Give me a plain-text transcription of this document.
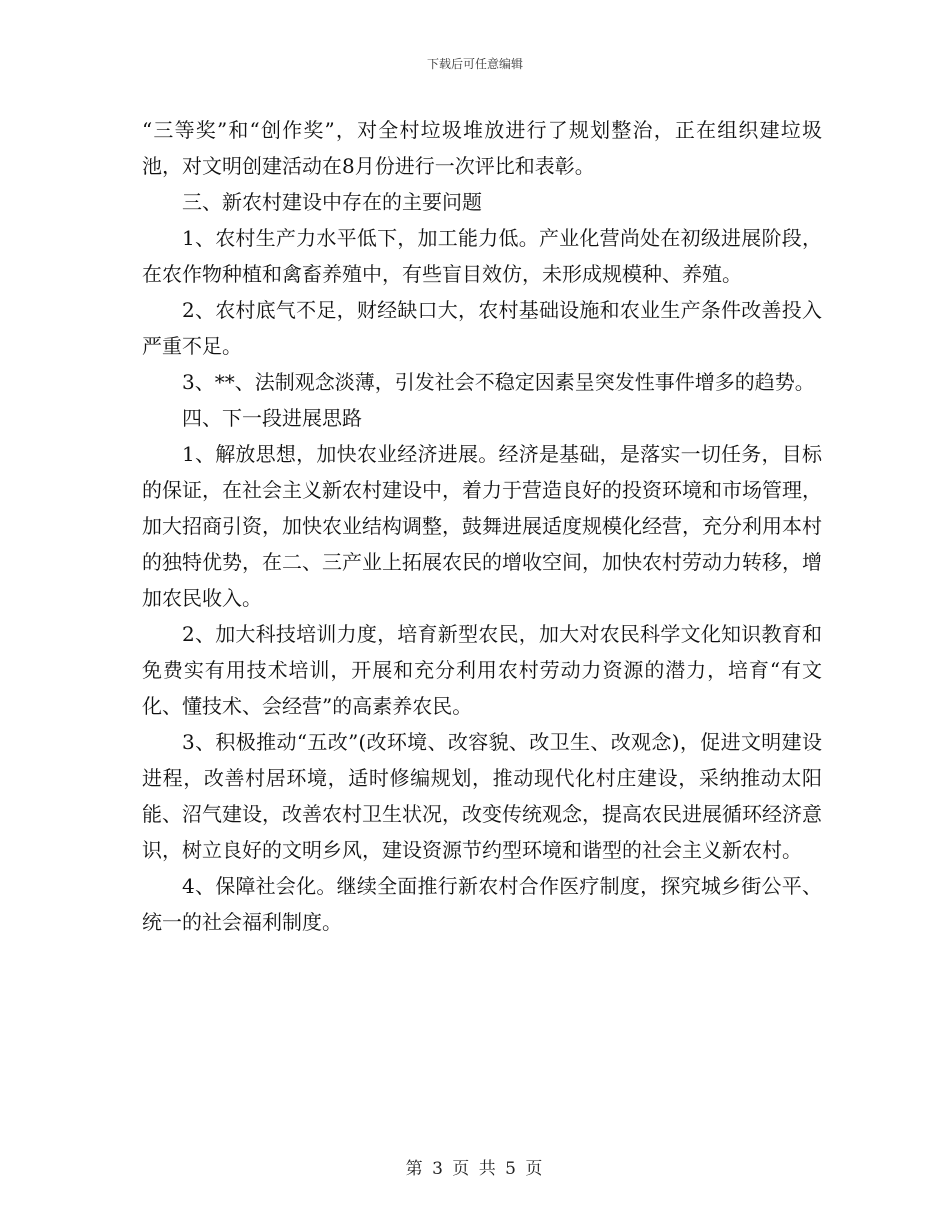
下载后可任意编辑

“三等奖”和“创作奖”，对全村垃圾堆放进行了规划整治，正在组织建垃圾池，对文明创建活动在8月份进行一次评比和表彰。

三、新农村建设中存在的主要问题

1、农村生产力水平低下，加工能力低。产业化营尚处在初级进展阶段，在农作物种植和禽畜养殖中，有些盲目效仿，未形成规模种、养殖。

2、农村底气不足，财经缺口大，农村基础设施和农业生产条件改善投入严重不足。

3、**、法制观念淡薄，引发社会不稳定因素呈突发性事件增多的趋势。

四、下一段进展思路

1、解放思想，加快农业经济进展。经济是基础，是落实一切任务，目标的保证，在社会主义新农村建设中，着力于营造良好的投资环境和市场管理，加大招商引资，加快农业结构调整，鼓舞进展适度规模化经营，充分利用本村的独特优势，在二、三产业上拓展农民的增收空间，加快农村劳动力转移，增加农民收入。

2、加大科技培训力度，培育新型农民，加大对农民科学文化知识教育和免费实有用技术培训，开展和充分利用农村劳动力资源的潜力，培育“有文化、懂技术、会经营”的高素养农民。

3、积极推动“五改”(改环境、改容貌、改卫生、改观念)，促进文明建设进程，改善村居环境，适时修编规划，推动现代化村庄建设，采纳推动太阳能、沼气建设，改善农村卫生状况，改变传统观念，提高农民进展循环经济意识，树立良好的文明乡风，建设资源节约型环境和谐型的社会主义新农村。

4、保障社会化。继续全面推行新农村合作医疗制度，探究城乡街公平、统一的社会福利制度。

第 3 页 共 5 页
